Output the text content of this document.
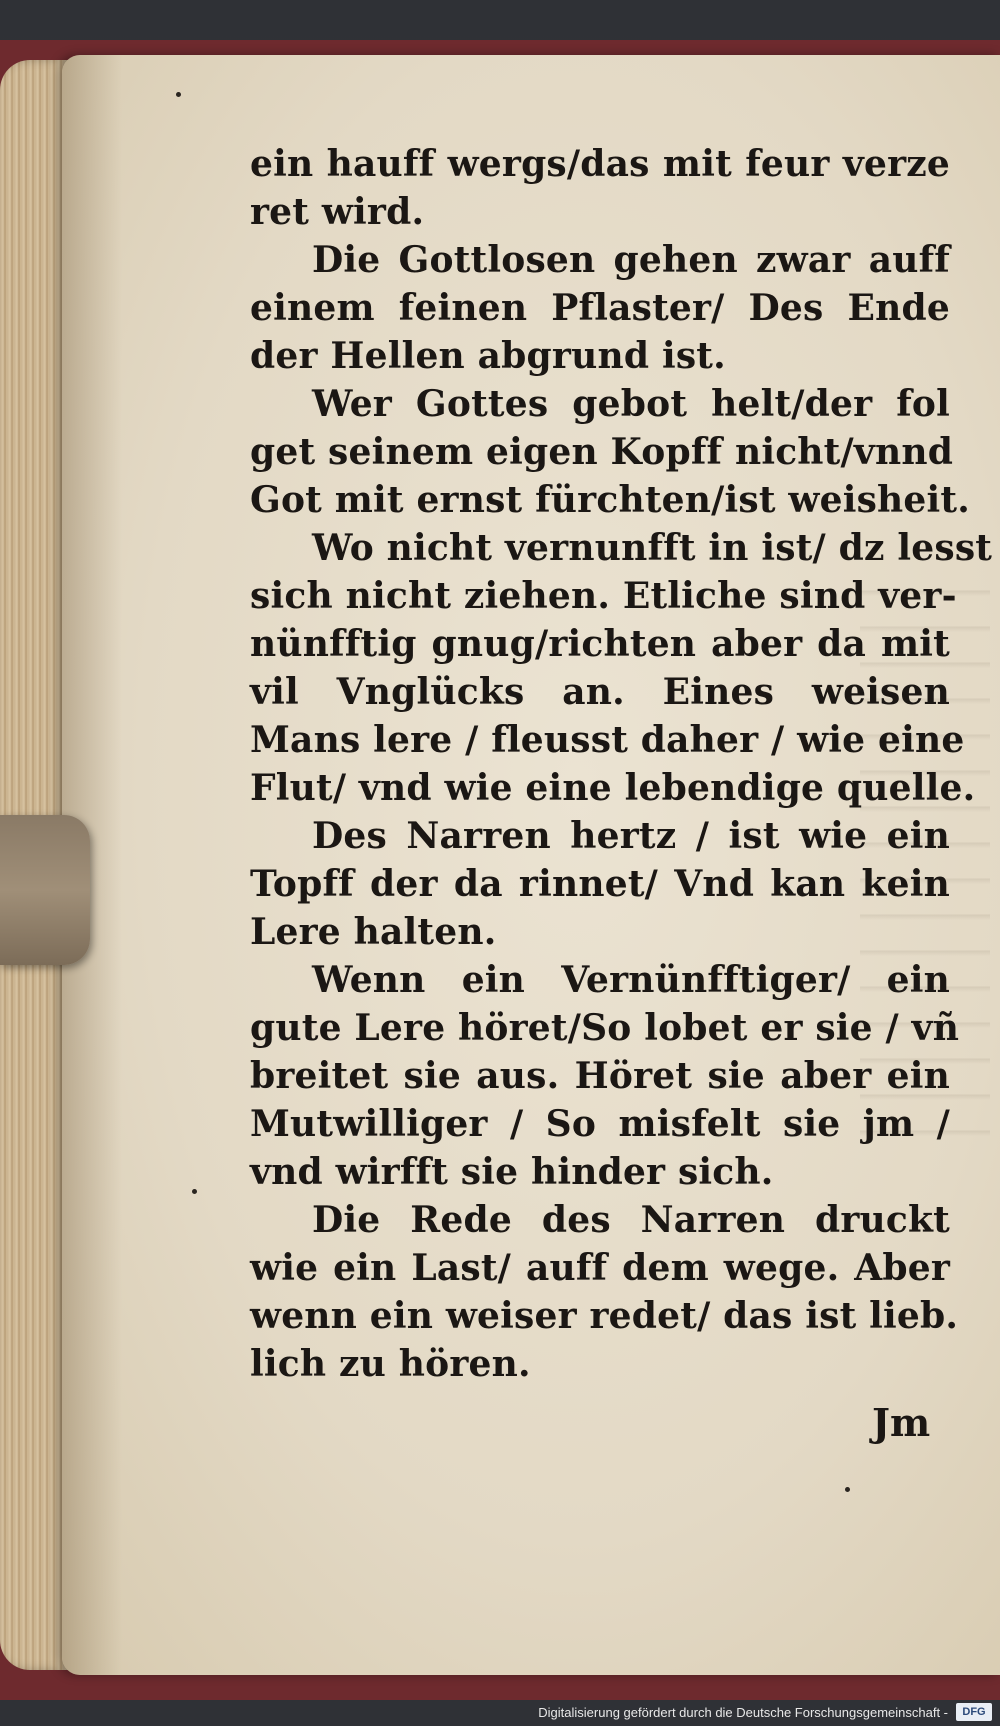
ein hauff wergs/das mit feur verze
ret wird.
Die Gottlosen gehen zwar auff
einem feinen Pflaster/ Des Ende
der Hellen abgrund ist.
Wer Gottes gebot helt/der fol
get seinem eigen Kopff nicht/vnnd
Got mit ernst fürchten/ist weisheit.
Wo nicht vernunfft in ist/ dz lesst
sich nicht ziehen. Etliche sind ver-
nünfftig gnug/richten aber da mit
vil Vnglücks an. Eines weisen
Mans lere / fleusst daher / wie eine
Flut/ vnd wie eine lebendige quelle.
Des Narren hertz / ist wie ein
Topff der da rinnet/ Vnd kan kein
Lere halten.
Wenn ein Vernünfftiger/ ein
gute Lere höret/So lobet er sie / vñ
breitet sie aus. Höret sie aber ein
Mutwilliger / So misfelt sie jm /
vnd wirfft sie hinder sich.
Die Rede des Narren druckt
wie ein Last/ auff dem wege. Aber
wenn ein weiser redet/ das ist lieb.
lich zu hören.
Jm
Digitalisierung gefördert durch die Deutsche Forschungsgemeinschaft -	DFG
